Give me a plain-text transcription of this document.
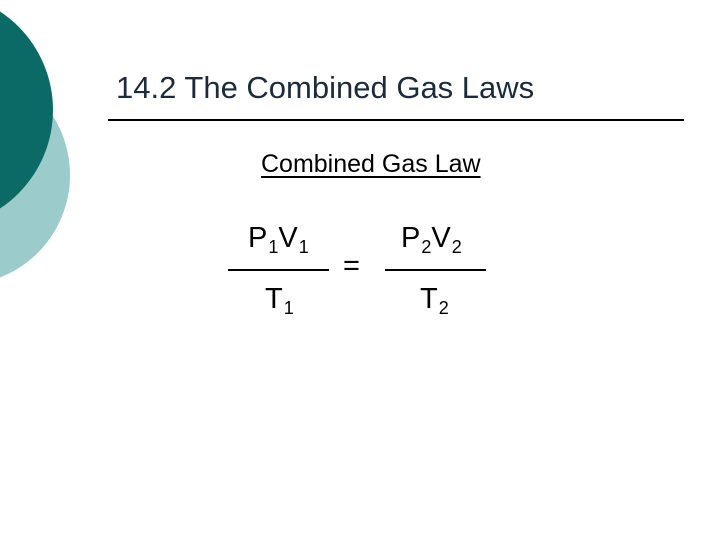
14.2 The Combined Gas Laws
Combined Gas Law
$P_1V_1$
$T_1$
=
$P_2V_2$
$T_2$
